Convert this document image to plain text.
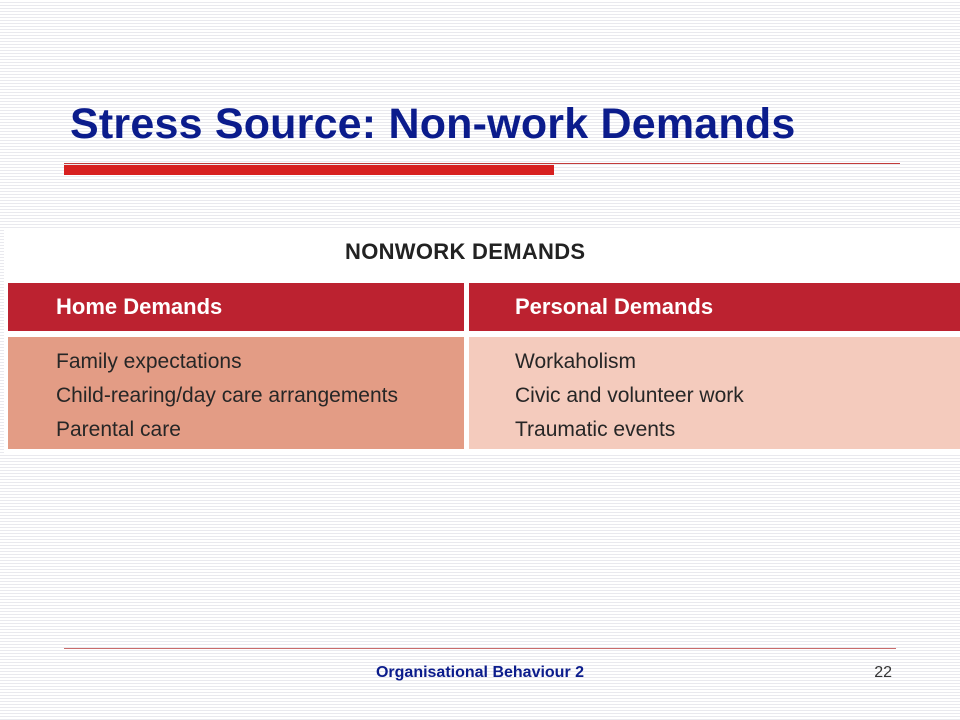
Stress Source: Non-work Demands
NONWORK DEMANDS
Home Demands
Family expectations
Child-rearing/day care arrangements
Parental care
Personal Demands
Workaholism
Civic and volunteer work
Traumatic events
Organisational Behaviour 2	22
